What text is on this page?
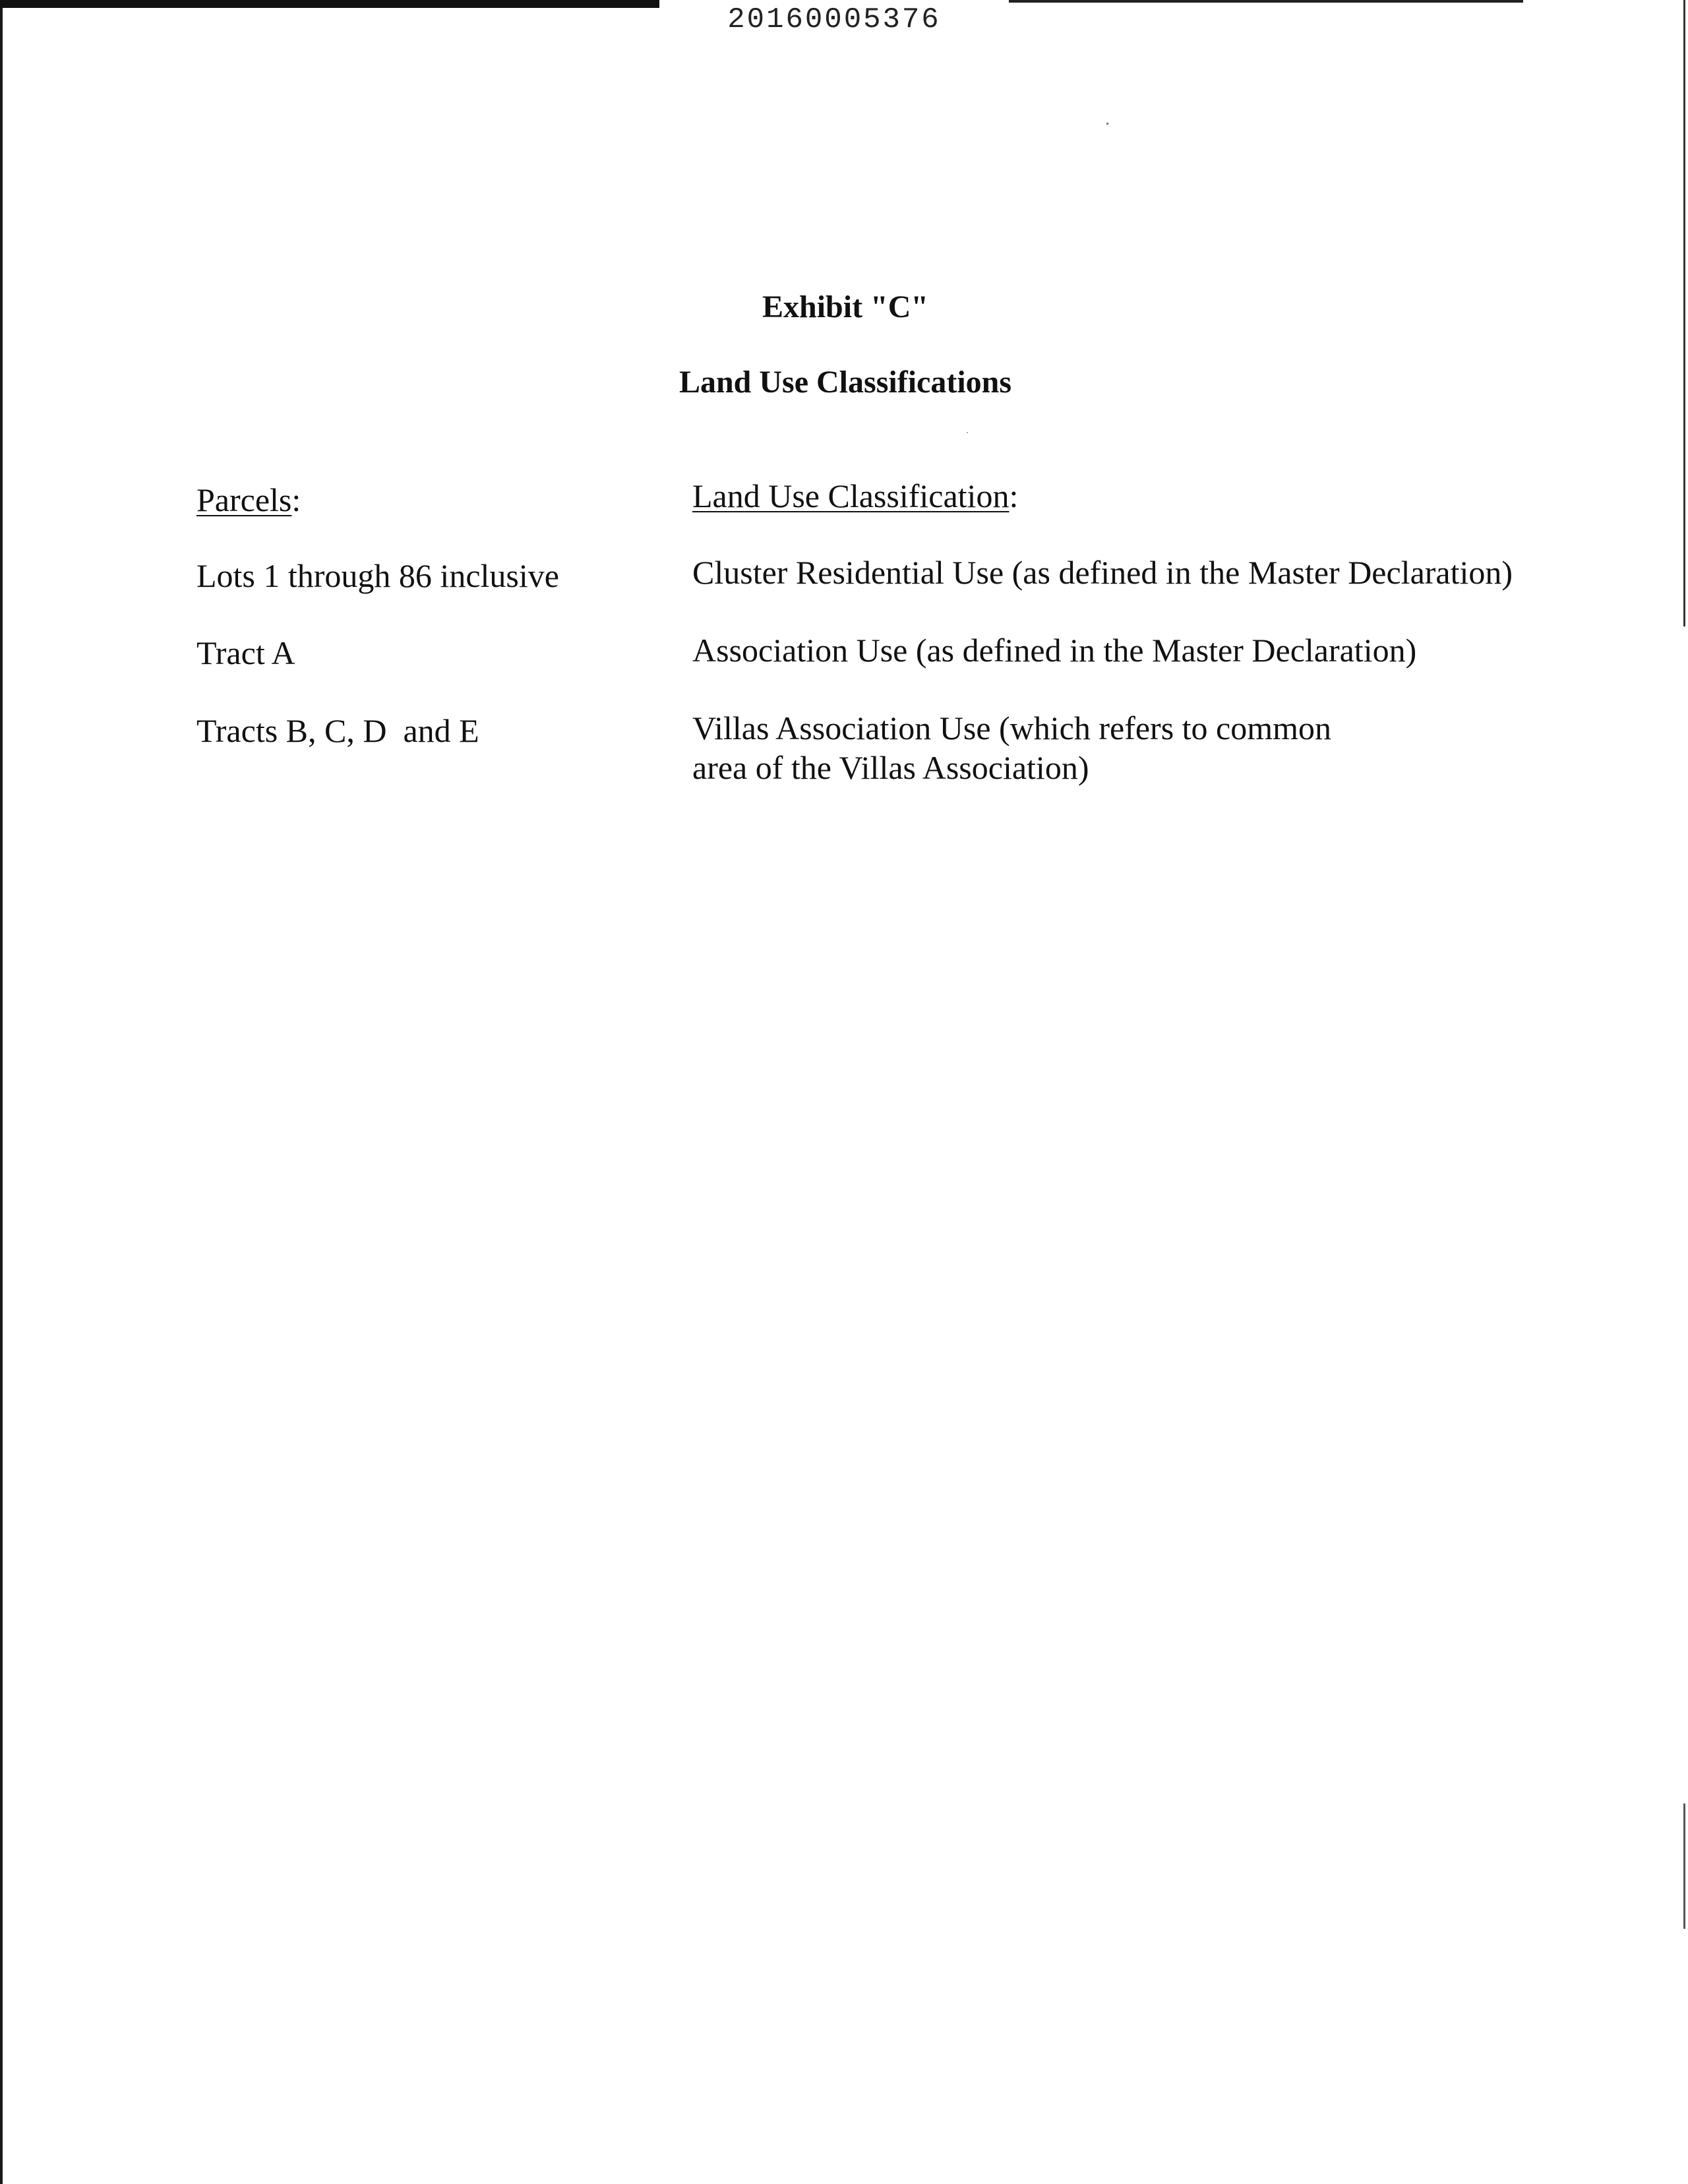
20160005376
Exhibit "C"
Land Use Classifications
Parcels:	Land Use Classification:
Lots 1 through 86 inclusive	Cluster Residential Use (as defined in the Master Declaration)
Tract A	Association Use (as defined in the Master Declaration)
Tracts B, C, D  and E	Villas Association Use (which refers to common
area of the Villas Association)
